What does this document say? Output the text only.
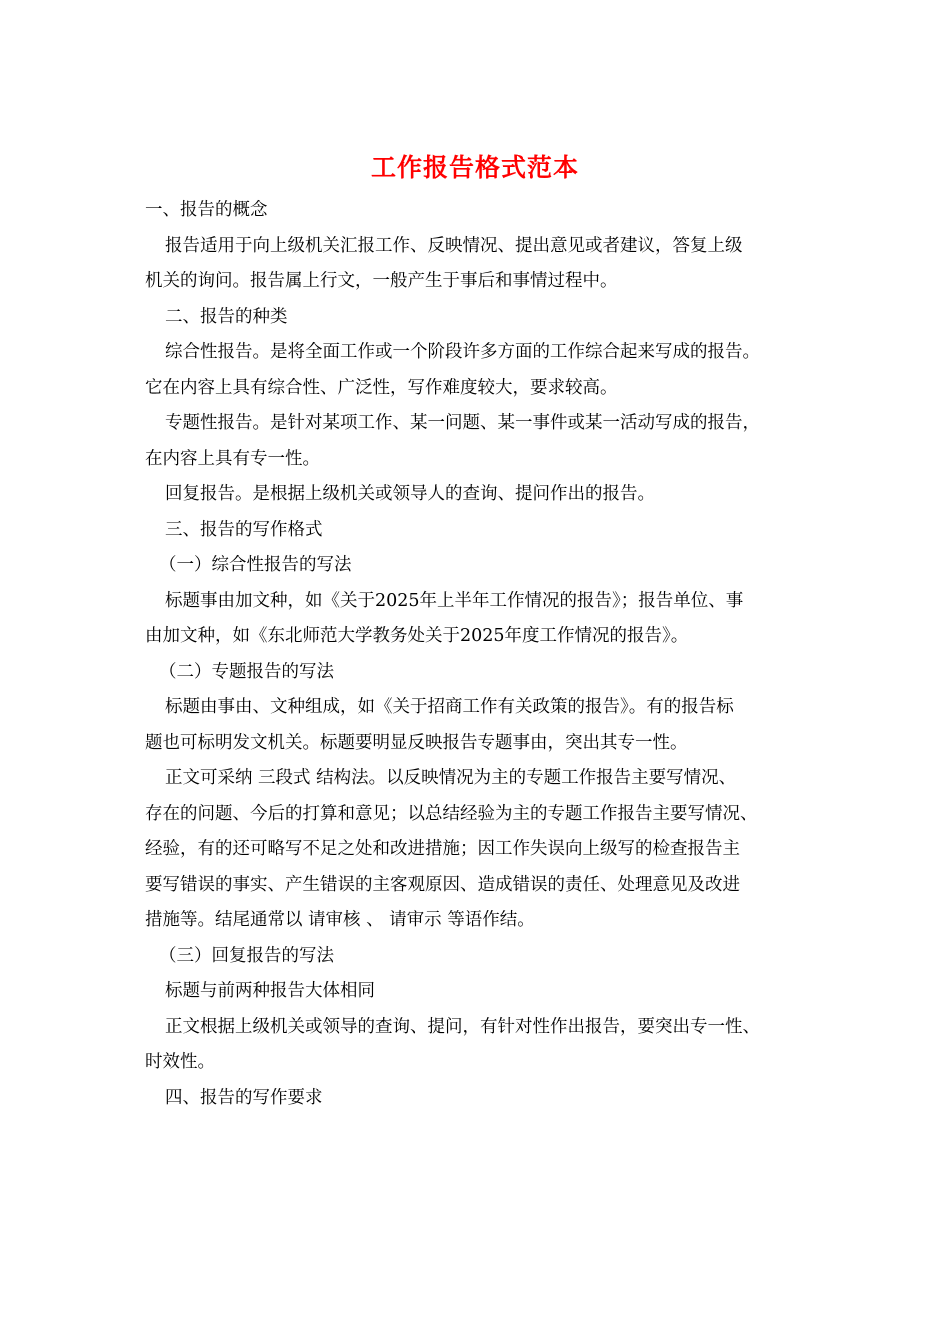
工作报告格式范本
一、报告的概念
报告适用于向上级机关汇报工作、反映情况、提出意见或者建议，答复上级
机关的询问。报告属上行文，一般产生于事后和事情过程中。
二、报告的种类
综合性报告。是将全面工作或一个阶段许多方面的工作综合起来写成的报告。
它在内容上具有综合性、广泛性，写作难度较大，要求较高。
专题性报告。是针对某项工作、某一问题、某一事件或某一活动写成的报告，
在内容上具有专一性。
回复报告。是根据上级机关或领导人的查询、提问作出的报告。
三、报告的写作格式
（一）综合性报告的写法
标题事由加文种，如《关于2025年上半年工作情况的报告》；报告单位、事
由加文种，如《东北师范大学教务处关于2025年度工作情况的报告》。
（二）专题报告的写法
标题由事由、文种组成，如《关于招商工作有关政策的报告》。有的报告标
题也可标明发文机关。标题要明显反映报告专题事由，突出其专一性。
正文可采纳 三段式 结构法。以反映情况为主的专题工作报告主要写情况、
存在的问题、今后的打算和意见；以总结经验为主的专题工作报告主要写情况、
经验，有的还可略写不足之处和改进措施；因工作失误向上级写的检查报告主
要写错误的事实、产生错误的主客观原因、造成错误的责任、处理意见及改进
措施等。结尾通常以 请审核 、 请审示 等语作结。
（三）回复报告的写法
标题与前两种报告大体相同
正文根据上级机关或领导的查询、提问，有针对性作出报告，要突出专一性、
时效性。
四、报告的写作要求
